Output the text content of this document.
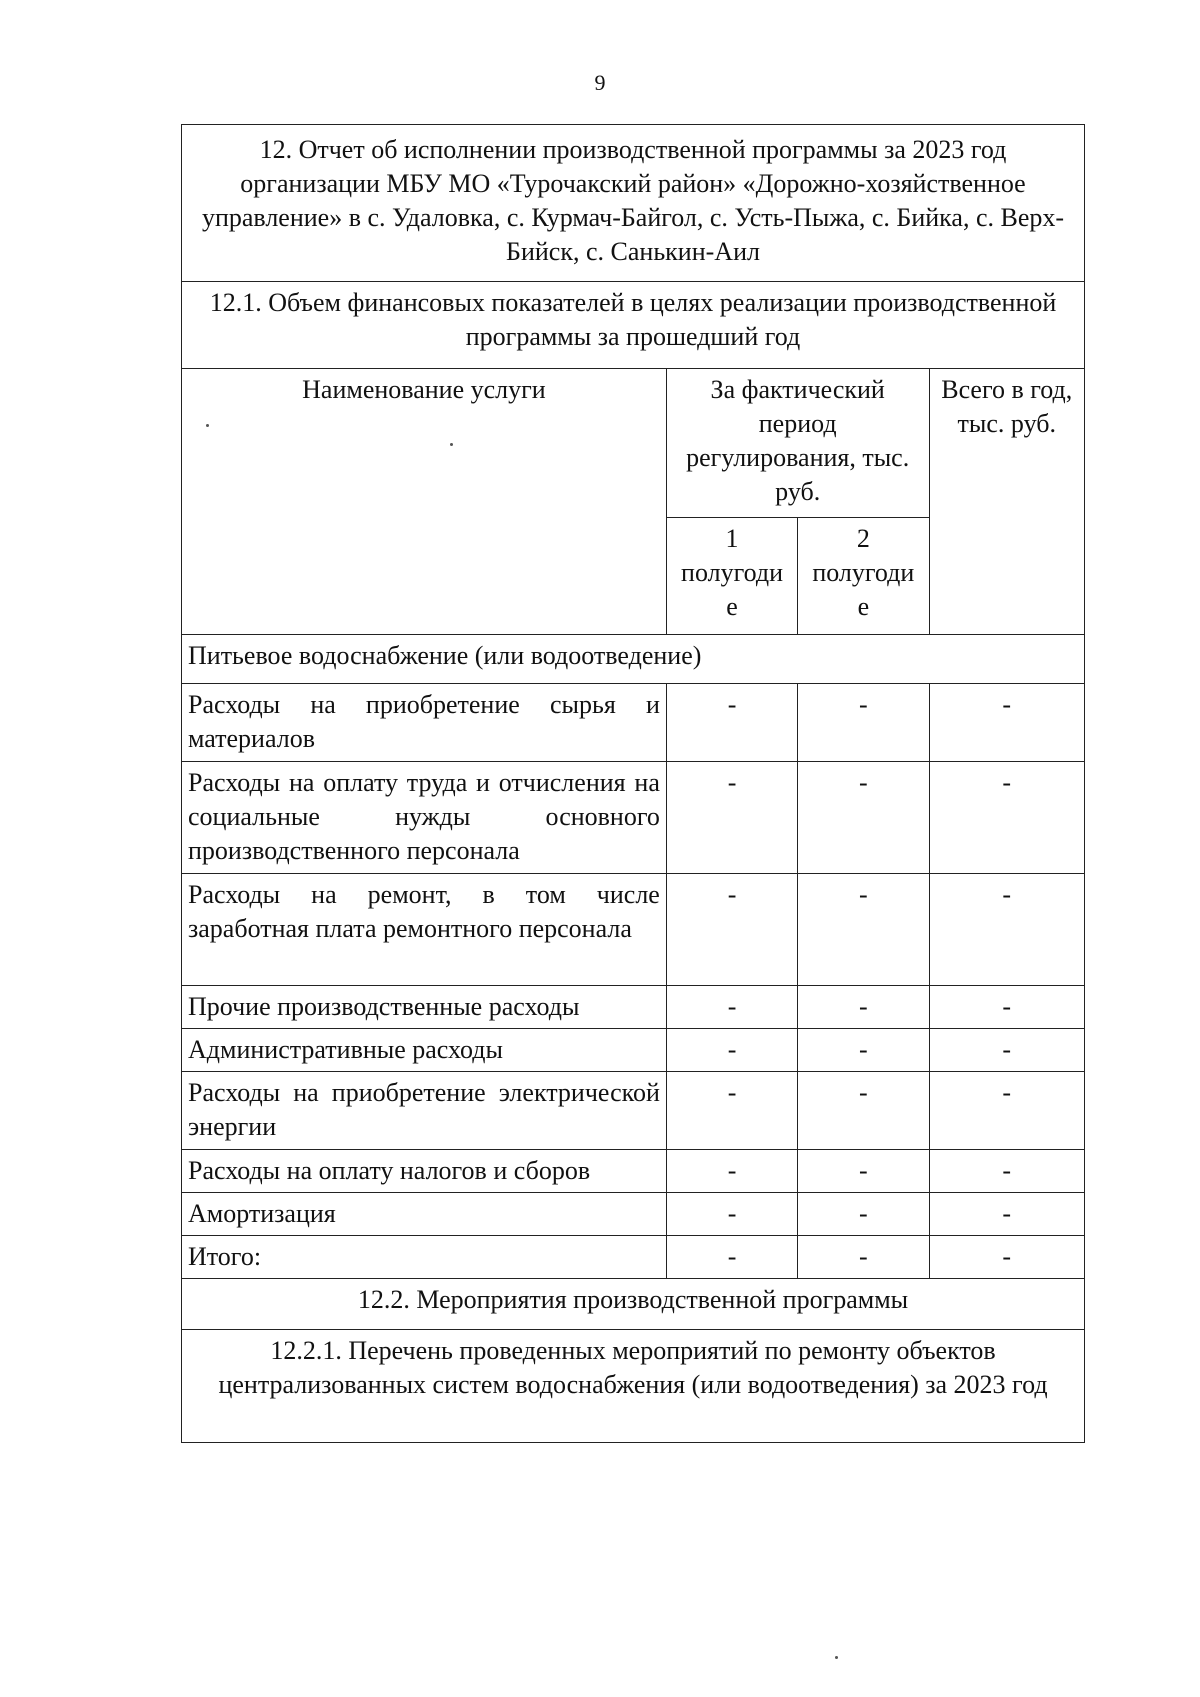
9
12. Отчет об исполнении производственной программы за 2023 год организации МБУ МО «Турочакский район» «Дорожно-хозяйственное управление» в с. Удаловка, с. Курмач-Байгол, с. Усть-Пыжа, с. Бийка, с. Верх-Бийск, с. Санькин-Аил			
12.1. Объем финансовых показателей в целях реализации производственной программы за прошедший год			
Наименование услуги	За фактический период регулирования, тыс. руб.		Всего в год, тыс. руб.
	1 полугоди е	2 полугоди е	
Питьевое водоснабжение (или водоотведение)			
Расходы на приобретение сырья и материалов	-	-	-
Расходы на оплату труда и отчисления на социальные нужды основного производственного персонала	-	-	-
Расходы на ремонт, в том числе заработная плата ремонтного персонала	-	-	-
Прочие производственные расходы	-	-	-
Административные расходы	-	-	-
Расходы на приобретение электрической энергии	-	-	-
Расходы на оплату налогов и сборов	-	-	-
Амортизация	-	-	-
Итого:	-	-	-
12.2. Мероприятия производственной программы			
12.2.1. Перечень проведенных мероприятий по ремонту объектов централизованных систем водоснабжения (или водоотведения) за 2023 год			
